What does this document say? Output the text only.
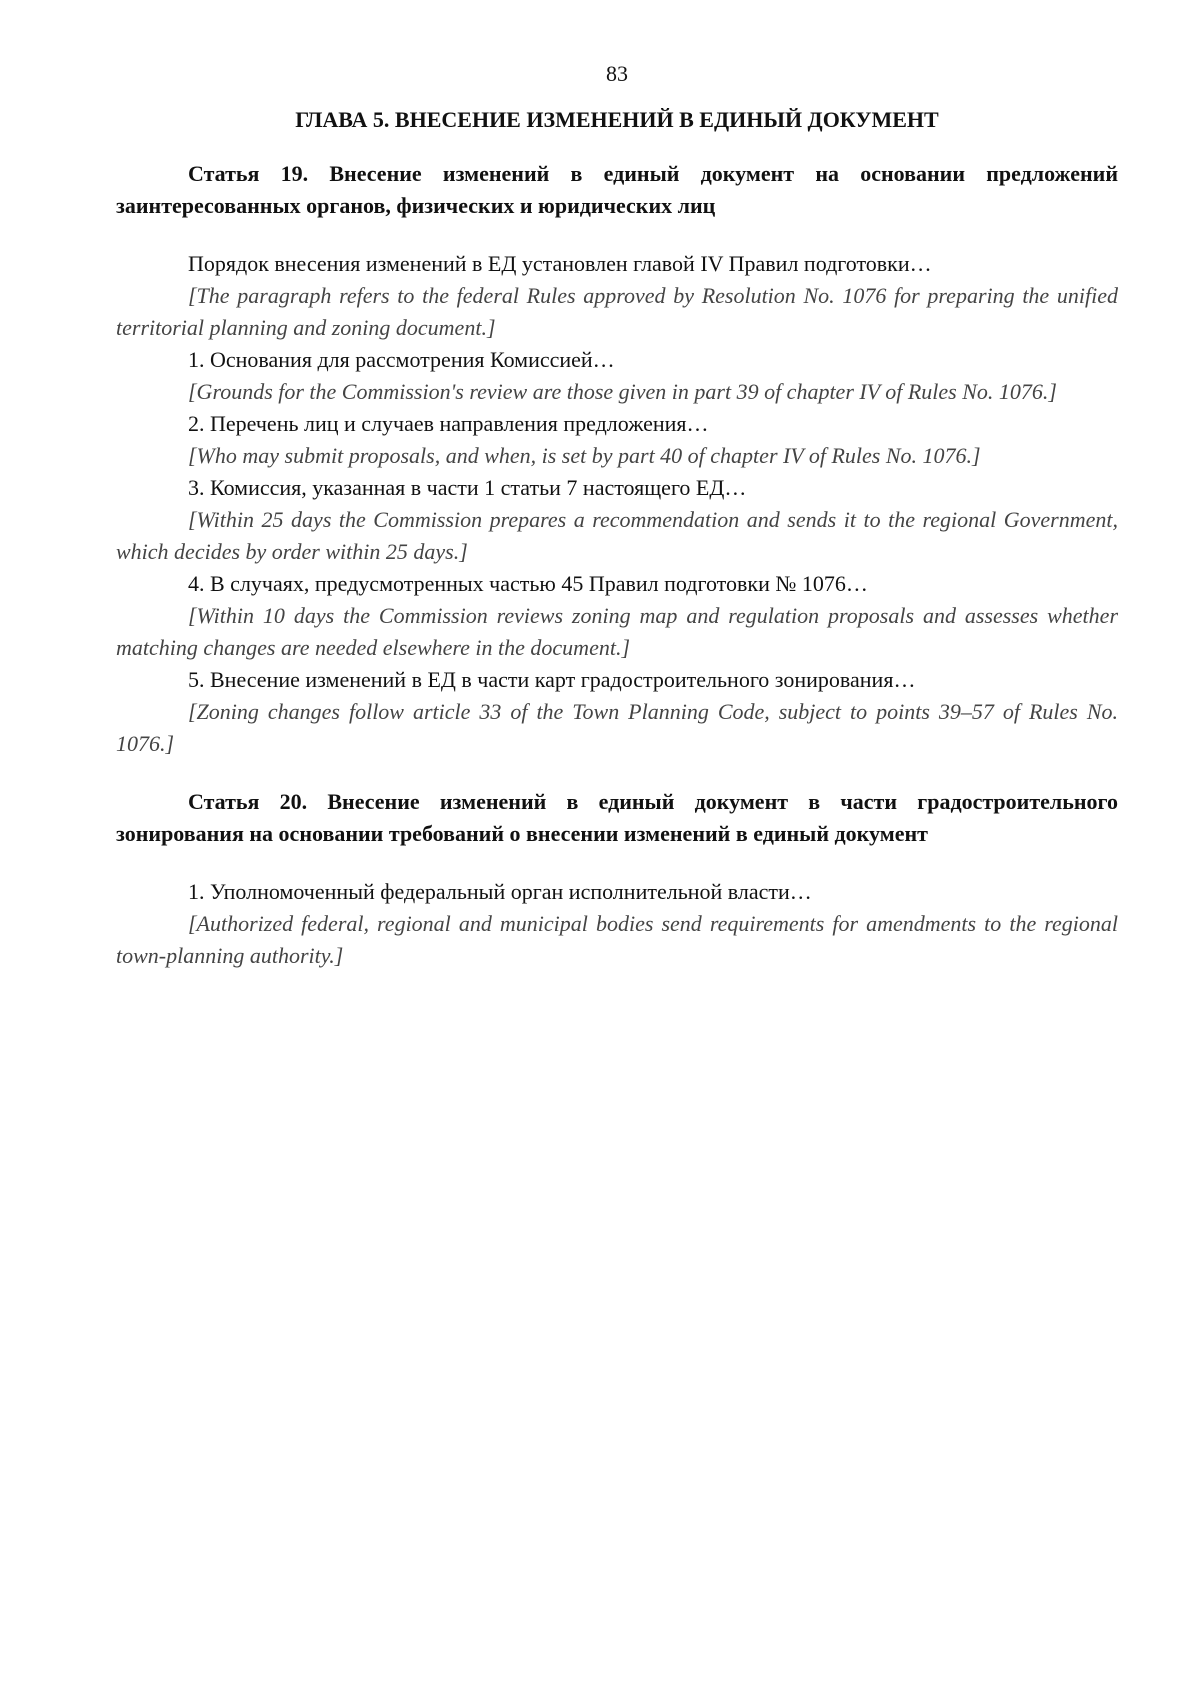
83
ГЛАВА 5. ВНЕСЕНИЕ ИЗМЕНЕНИЙ В ЕДИНЫЙ ДОКУМЕНТ

Статья 19. Внесение изменений в единый документ на основании предложений заинтересованных органов, физических и юридических лиц

Порядок внесения изменений в ЕД установлен главой IV Правил подготовки…

[The paragraph refers to the federal Rules approved by Resolution No. 1076 for preparing the unified territorial planning and zoning document.]

1. Основания для рассмотрения Комиссией…

[Grounds for the Commission's review are those given in part 39 of chapter IV of Rules No. 1076.]

2. Перечень лиц и случаев направления предложения…

[Who may submit proposals, and when, is set by part 40 of chapter IV of Rules No. 1076.]

3. Комиссия, указанная в части 1 статьи 7 настоящего ЕД…

[Within 25 days the Commission prepares a recommendation and sends it to the regional Government, which decides by order within 25 days.]

4. В случаях, предусмотренных частью 45 Правил подготовки № 1076…

[Within 10 days the Commission reviews zoning map and regulation proposals and assesses whether matching changes are needed elsewhere in the document.]

5. Внесение изменений в ЕД в части карт градостроительного зонирования…

[Zoning changes follow article 33 of the Town Planning Code, subject to points 39–57 of Rules No. 1076.]

Статья 20. Внесение изменений в единый документ в части градостроительного зонирования на основании требований о внесении изменений в единый документ

1. Уполномоченный федеральный орган исполнительной власти…

[Authorized federal, regional and municipal bodies send requirements for amendments to the regional town-planning authority.]
